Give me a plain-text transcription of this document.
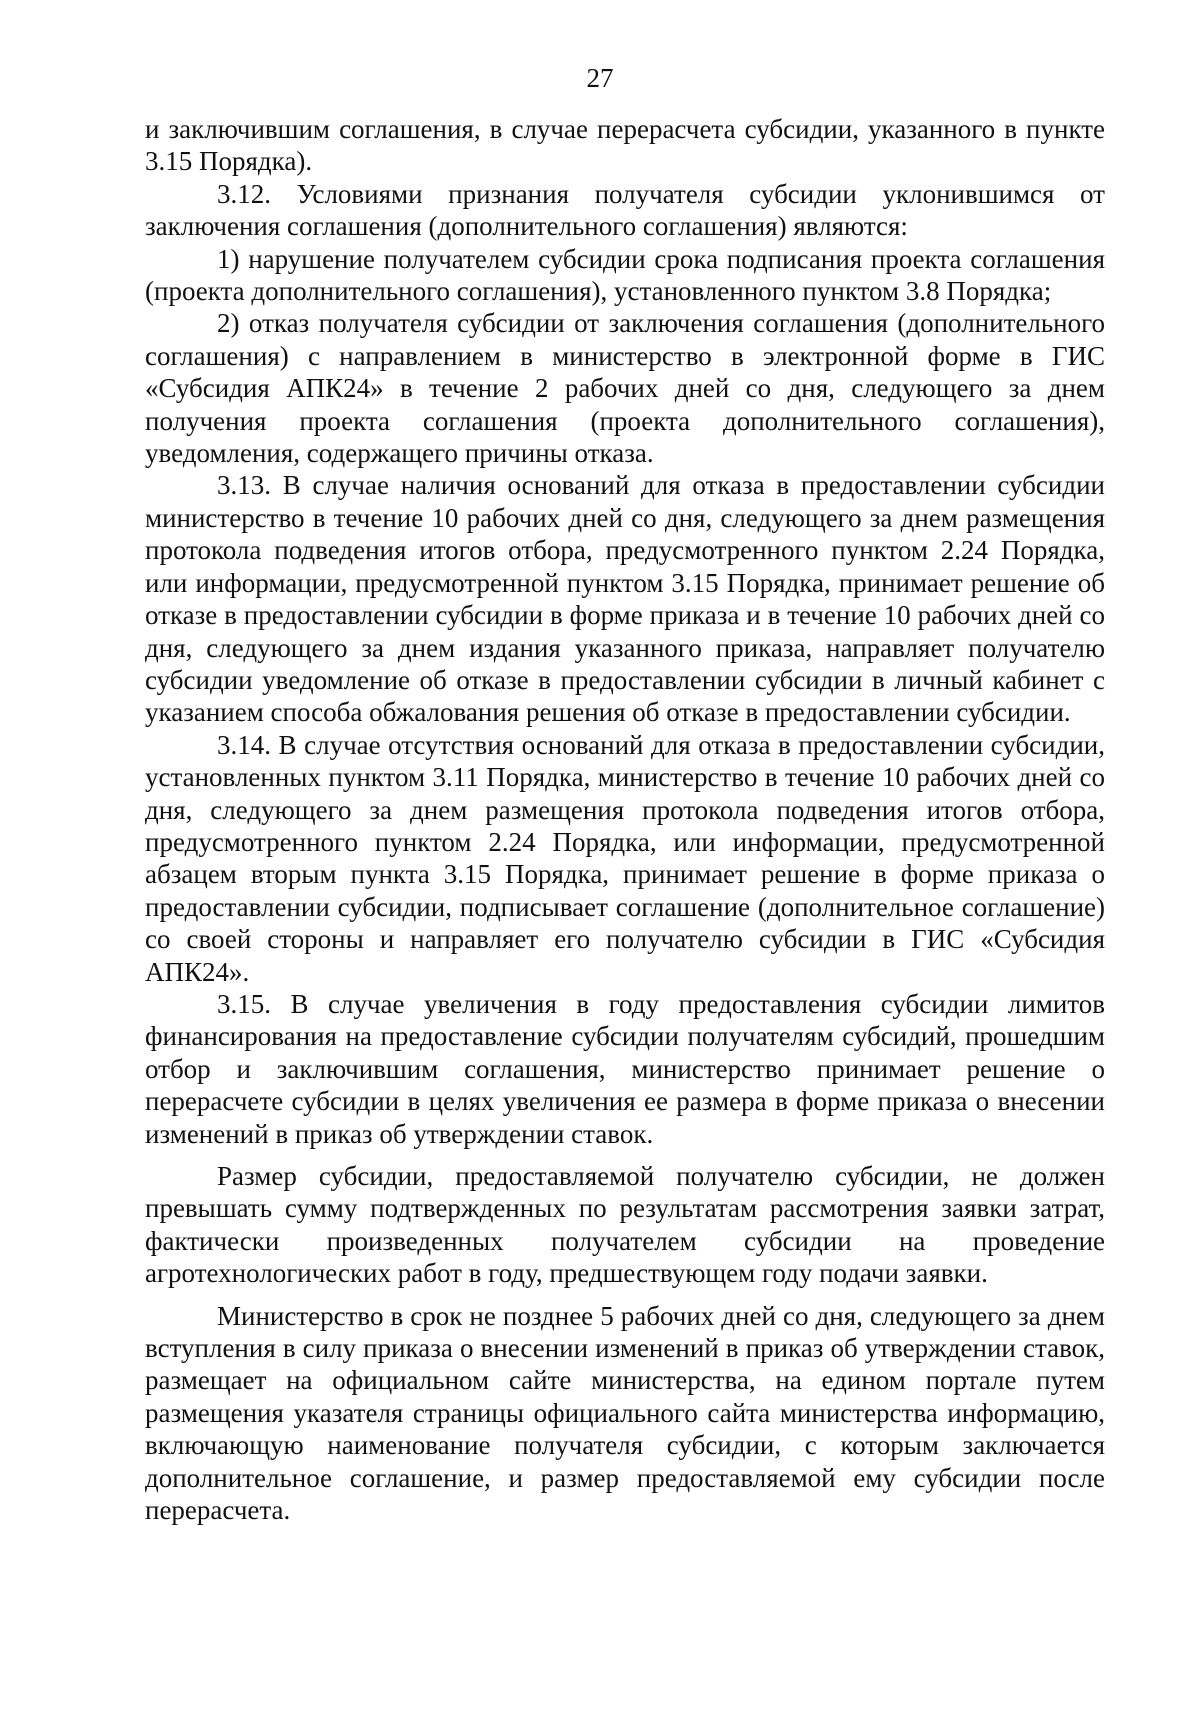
27

и заключившим соглашения, в случае перерасчета субсидии, указанного в пункте 3.15 Порядка).

3.12. Условиями признания получателя субсидии уклонившимся от заключения соглашения (дополнительного соглашения) являются:

1) нарушение получателем субсидии срока подписания проекта соглашения (проекта дополнительного соглашения), установленного пунктом 3.8 Порядка;

2) отказ получателя субсидии от заключения соглашения (дополнительного соглашения) с направлением в министерство в электронной форме в ГИС «Субсидия АПК24» в течение 2 рабочих дней со дня, следующего за днем получения проекта соглашения (проекта дополнительного соглашения), уведомления, содержащего причины отказа.

3.13. В случае наличия оснований для отказа в предоставлении субсидии министерство в течение 10 рабочих дней со дня, следующего за днем размещения протокола подведения итогов отбора, предусмотренного пунктом 2.24 Порядка, или информации, предусмотренной пунктом 3.15 Порядка, принимает решение об отказе в предоставлении субсидии в форме приказа и в течение 10 рабочих дней со дня, следующего за днем издания указанного приказа, направляет получателю субсидии уведомление об отказе в предоставлении субсидии в личный кабинет с указанием способа обжалования решения об отказе в предоставлении субсидии.

3.14. В случае отсутствия оснований для отказа в предоставлении субсидии, установленных пунктом 3.11 Порядка, министерство в течение 10 рабочих дней со дня, следующего за днем размещения протокола подведения итогов отбора, предусмотренного пунктом 2.24 Порядка, или информации, предусмотренной абзацем вторым пункта 3.15 Порядка, принимает решение в форме приказа о предоставлении субсидии, подписывает соглашение (дополнительное соглашение) со своей стороны и направляет его получателю субсидии в ГИС «Субсидия АПК24».

3.15. В случае увеличения в году предоставления субсидии лимитов финансирования на предоставление субсидии получателям субсидий, прошедшим отбор и заключившим соглашения, министерство принимает решение о перерасчете субсидии в целях увеличения ее размера в форме приказа о внесении изменений в приказ об утверждении ставок.

Размер субсидии, предоставляемой получателю субсидии, не должен превышать сумму подтвержденных по результатам рассмотрения заявки затрат, фактически произведенных получателем субсидии на проведение агротехнологических работ в году, предшествующем году подачи заявки.

Министерство в срок не позднее 5 рабочих дней со дня, следующего за днем вступления в силу приказа о внесении изменений в приказ об утверждении ставок, размещает на официальном сайте министерства, на едином портале путем размещения указателя страницы официального сайта министерства информацию, включающую наименование получателя субсидии, с которым заключается дополнительное соглашение, и размер предоставляемой ему субсидии после перерасчета.
